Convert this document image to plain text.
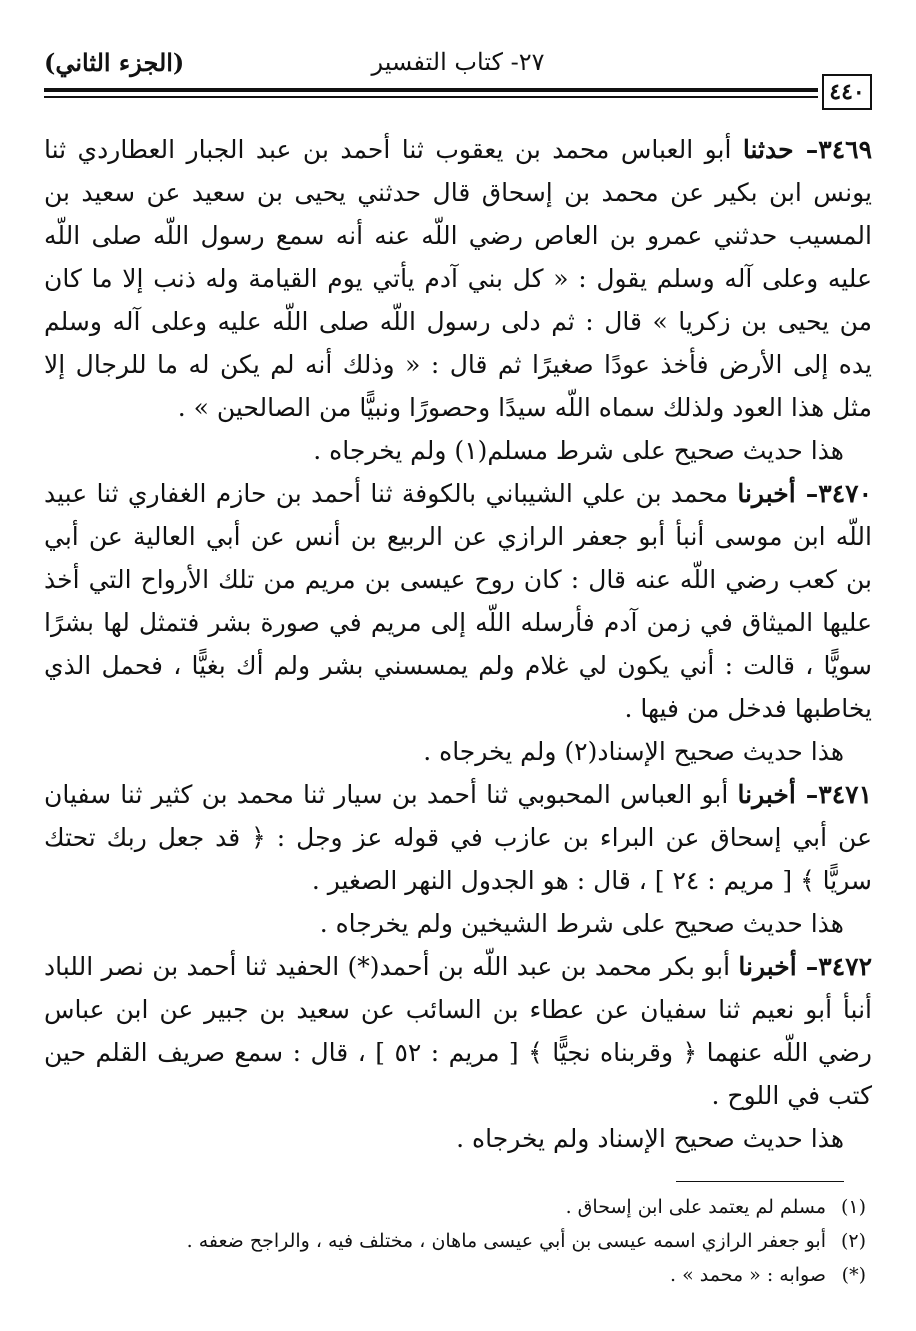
٢٧- كتاب التفسير
(الجزء الثاني)
٤٤٠

٣٤٦٩– حدثنا أبو العباس محمد بن يعقوب ثنا أحمد بن عبد الجبار العطاردي ثنا يونس ابن بكير عن محمد بن إسحاق قال حدثني يحيى بن سعيد عن سعيد بن المسيب حدثني عمرو بن العاص رضي اللّه عنه أنه سمع رسول اللّه صلى اللّه عليه وعلى آله وسلم يقول : « كل بني آدم يأتي يوم القيامة وله ذنب إلا ما كان من يحيى بن زكريا » قال : ثم دلى رسول اللّه صلى اللّه عليه وعلى آله وسلم يده إلى الأرض فأخذ عودًا صغيرًا ثم قال : « وذلك أنه لم يكن له ما للرجال إلا مثل هذا العود ولذلك سماه اللّه سيدًا وحصورًا ونبيًّا من الصالحين » .

هذا حديث صحيح على شرط مسلم(١) ولم يخرجاه .

٣٤٧٠– أخبرنا محمد بن علي الشيباني بالكوفة ثنا أحمد بن حازم الغفاري ثنا عبيد اللّه ابن موسى أنبأ أبو جعفر الرازي عن الربيع بن أنس عن أبي العالية عن أبي بن كعب رضي اللّه عنه قال : كان روح عيسى بن مريم من تلك الأرواح التي أخذ عليها الميثاق في زمن آدم فأرسله اللّه إلى مريم في صورة بشر فتمثل لها بشرًا سويًّا ، قالت : أني يكون لي غلام ولم يمسسني بشر ولم أك بغيًّا ، فحمل الذي يخاطبها فدخل من فيها .

هذا حديث صحيح الإسناد(٢) ولم يخرجاه .

٣٤٧١– أخبرنا أبو العباس المحبوبي ثنا أحمد بن سيار ثنا محمد بن كثير ثنا سفيان عن أبي إسحاق عن البراء بن عازب في قوله عز وجل : ﴿ قد جعل ربك تحتك سريًّا ﴾ [ مريم : ٢٤ ] ، قال : هو الجدول النهر الصغير .

هذا حديث صحيح على شرط الشيخين ولم يخرجاه .

٣٤٧٢– أخبرنا أبو بكر محمد بن عبد اللّه بن أحمد(*) الحفيد ثنا أحمد بن نصر اللباد أنبأ أبو نعيم ثنا سفيان عن عطاء بن السائب عن سعيد بن جبير عن ابن عباس رضي اللّه عنهما ﴿ وقربناه نجيًّا ﴾ [ مريم : ٥٢ ] ، قال : سمع صريف القلم حين كتب في اللوح .

هذا حديث صحيح الإسناد ولم يخرجاه .

(١)مسلم لم يعتمد على ابن إسحاق .

(٢)أبو جعفر الرازي اسمه عيسى بن أبي عيسى ماهان ، مختلف فيه ، والراجح ضعفه .

(*)صوابه : « محمد » .
